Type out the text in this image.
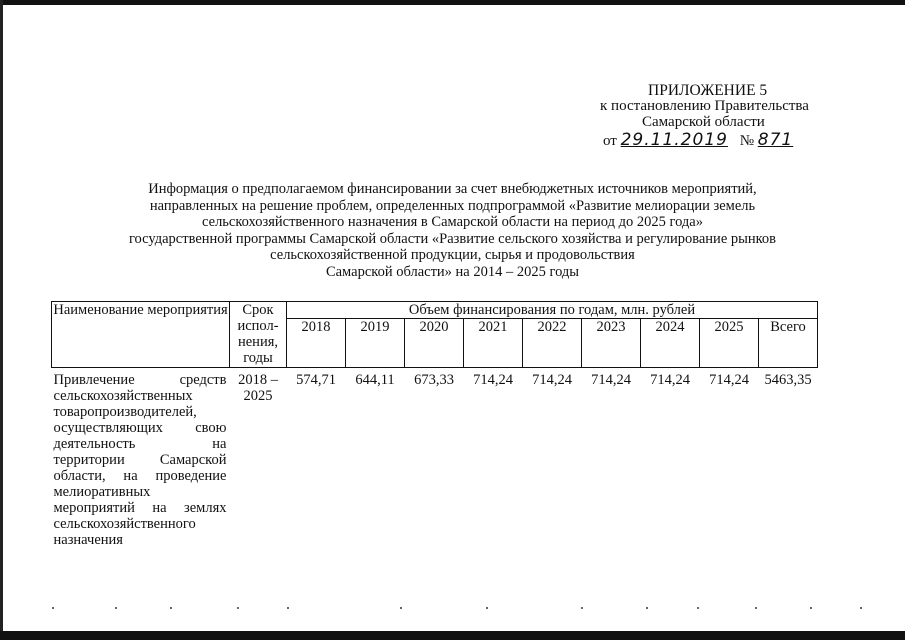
ПРИЛОЖЕНИЕ 5
к постановлению Правительства
Самарской области
от 29.11.2019 № 871
Информация о предполагаемом финансировании за счет внебюджетных источников мероприятий,
направленных на решение проблем, определенных подпрограммой «Развитие мелиорации земель
сельскохозяйственного назначения в Самарской области на период до 2025 года»
государственной программы Самарской области «Развитие сельского хозяйства и регулирование рынков
сельскохозяйственной продукции, сырья и продовольствия
Самарской области» на 2014 – 2025 годы
Наименование мероприятия	Срок испол-нения, годы	Объем финансирования по годам, млн. рублей								
		2018	2019	2020	2021	2022	2023	2024	2025	Всего
Привлечение средств сельскохозяйственных товаропроизводителей, осуществляющих свою деятельность на территории Самарской области, на проведение мелиоративных мероприятий на землях сельскохозяйственного назначения	2018 – 2025	574,71	644,11	673,33	714,24	714,24	714,24	714,24	714,24	5463,35
